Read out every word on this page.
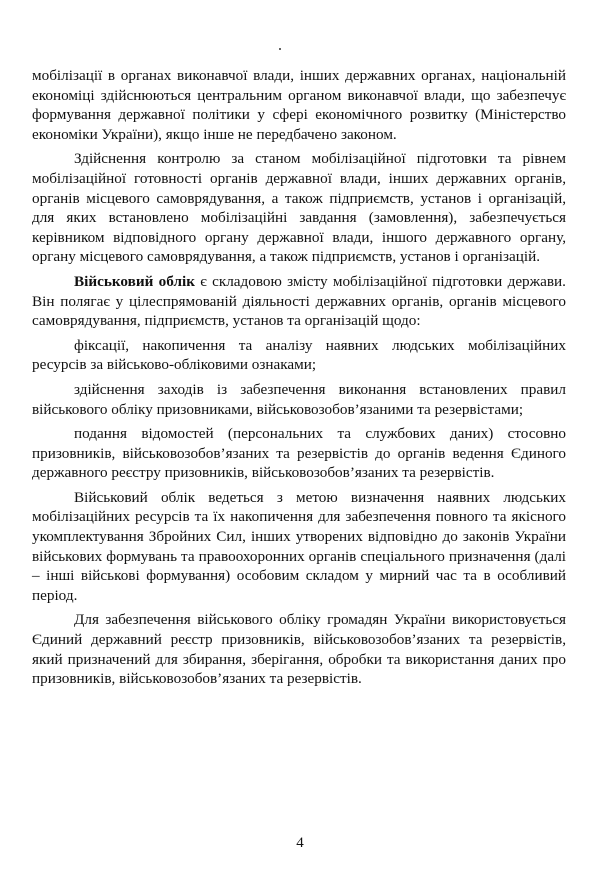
мобілізації в органах виконавчої влади, інших державних органах, національній економіці здійснюються центральним органом виконавчої влади, що забезпечує формування державної політики у сфері економічного розвитку (Міністерство економіки України), якщо інше не передбачено законом.

Здійснення контролю за станом мобілізаційної підготовки та рівнем мобілізаційної готовності органів державної влади, інших державних органів, органів місцевого самоврядування, а також підприємств, установ і організацій, для яких встановлено мобілізаційні завдання (замовлення), забезпечується керівником відповідного органу державної влади, іншого державного органу, органу місцевого самоврядування, а також підприємств, установ і організацій.

Військовий облік є складовою змісту мобілізаційної підготовки держави. Він полягає у цілеспрямованій діяльності державних органів, органів місцевого самоврядування, підприємств, установ та організацій щодо:

фіксації, накопичення та аналізу наявних людських мобілізаційних ресурсів за військово-обліковими ознаками;

здійснення заходів із забезпечення виконання встановлених правил військового обліку призовниками, військовозобов’язаними та резервістами;

подання відомостей (персональних та службових даних) стосовно призовників, військовозобов’язаних та резервістів до органів ведення Єдиного державного реєстру призовників, військовозобов’язаних та резервістів.

Військовий облік ведеться з метою визначення наявних людських мобілізаційних ресурсів та їх накопичення для забезпечення повного та якісного укомплектування Збройних Сил, інших утворених відповідно до законів України військових формувань та правоохоронних органів спеціального призначення (далі – інші військові формування) особовим складом у мирний час та в особливий період.

Для забезпечення військового обліку громадян України використовується Єдиний державний реєстр призовників, військовозобов’язаних та резервістів, який призначений для збирання, зберігання, обробки та використання даних про призовників, військовозобов’язаних та резервістів.

4
